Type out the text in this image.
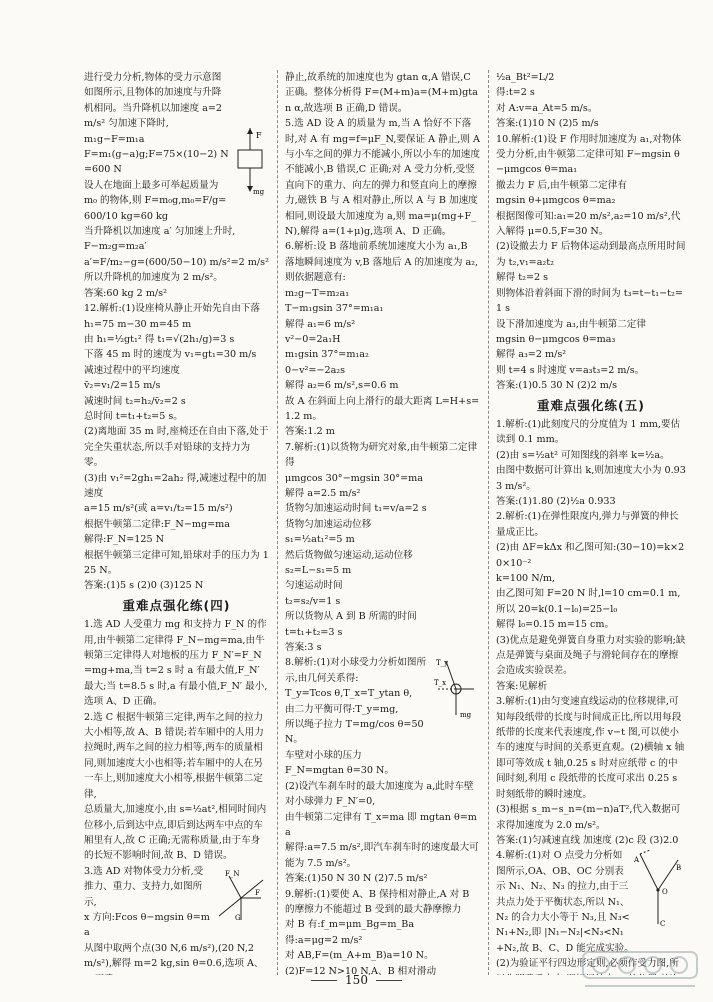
F
mg

进行受力分析,物体的受力示意图如图所示,且物体的加速度与升降机相同。当升降机以加速度 a=2 m/s² 匀加速下降时,

m₁g−F=m₁a

F=m₁(g−a)g;F=75×(10−2) N=600 N

设人在地面上最多可举起质量为 m₀ 的物体,则 F=m₀g,m₀=F/g=600/10 kg=60 kg

当升降机以加速度 a′ 匀加速上升时,

F−m₂g=m₂a′

a′=F/m₂−g=(600/50−10) m/s²=2 m/s²

所以升降机的加速度为 2 m/s²。

答案:60 kg 2 m/s²

12.解析:(1)设座椅从静止开始先自由下落 h₁=75 m−30 m=45 m

由 h₁=½gt₁² 得 t₁=√(2h₁/g)=3 s

下落 45 m 时的速度为 v₁=gt₁=30 m/s

减速过程中的平均速度

v̄₂=v₁/2=15 m/s

减速时间 t₂=h₂/v̄₂=2 s

总时间 t=t₁+t₂=5 s。

(2)离地面 35 m 时,座椅还在自由下落,处于完全失重状态,所以手对铅球的支持力为零。

(3)由 v₁²=2gh₁=2ah₂ 得,减速过程中的加速度

a=15 m/s²(或 a=v₁/t₂=15 m/s²)

根据牛顿第二定律:F_N−mg=ma

解得:F_N=125 N

根据牛顿第三定律可知,铅球对手的压力为 125 N。

答案:(1)5 s (2)0 (3)125 N

重难点强化练(四)

1.选 AD 人受重力 mg 和支持力 F_N 的作用,由牛顿第二定律得 F_N−mg=ma,由牛顿第三定律得人对地板的压力 F_N′=F_N=mg+ma,当 t=2 s 时 a 有最大值,F_N′ 最大;当 t=8.5 s 时,a 有最小值,F_N′ 最小,选项 A、D 正确。

2.选 C 根据牛顿第三定律,两车之间的拉力大小相等,故 A、B 错误;若车厢中的人用力拉绳时,两车之间的拉力相等,两车的质量相同,则加速度大小也相等;若车厢中的人在另一车上,则加速度大小相等,根据牛顿第二定律,

总质量大,加速度小,由 s=½at²,相同时间内位移小,后到达中点,即后到达两车中点的车厢里有人,故 C 正确;无需称质量,由于车身的长短不影响时间,故 B、D 错误。

F_N
F
G

3.选 AD 对物体受力分析,受推力、重力、支持力,如图所示,

x 方向:Fcos θ−mgsin θ=ma

从图中取两个点(30 N,6 m/s²),(20 N,2 m/s²),解得 m=2 kg,sin θ=0.6,选项 A、

静止,故系统的加速度也为 gtan α,A 错误,C 正确。整体分析得 F=(M+m)a=(M+m)gtan α,故选项 B 正确,D 错误。

5.选 AD 设 A 的质量为 m,当 A 恰好不下落时,对 A 有 mg=f=μF_N,要保证 A 静止,则 A 与小车之间的弹力不能减小,所以小车的加速度不能减小,B 错误,C 正确;对 A 受力分析,受竖直向下的重力、向左的弹力和竖直向上的摩擦力,磁铁 B 与 A 相对静止,所以 A 与 B 加速度相同,则设最大加速度为 a,则 ma=μ(mg+F_N),解得 a=(1+μ)g,选项 A、D 正确。

6.解析:设 B 落地前系统加速度大小为 a₁,B 落地瞬间速度为 v,B 落地后 A 的加速度为 a₂,则依据题意有:

m₂g−T=m₂a₁

T−m₁gsin 37°=m₁a₁

解得 a₁=6 m/s²

v²−0=2a₁H

m₁gsin 37°=m₁a₂

0−v²=−2a₂s

解得 a₂=6 m/s²,s=0.6 m

故 A 在斜面上向上滑行的最大距离 L=H+s=1.2 m。

答案:1.2 m

7.解析:(1)以货物为研究对象,由牛顿第二定律得

μmgcos 30°−mgsin 30°=ma

解得 a=2.5 m/s²

货物匀加速运动时间 t₁=v/a=2 s

货物匀加速运动位移

s₁=½at₁²=5 m

然后货物做匀速运动,运动位移

s₂=L−s₁=5 m

匀速运动时间

t₂=s₂/v=1 s

所以货物从 A 到 B 所需的时间

t=t₁+t₂=3 s

答案:3 s

T_y
T_x
mg

8.解析:(1)对小球受力分析如图所示,由几何关系得:

T_y=Tcos θ,T_x=T_ytan θ,

由二力平衡可得:T_y=mg,

所以绳子拉力 T=mg/cos θ=50 N。

车壁对小球的压力

F_N=mgtan θ=30 N。

(2)设汽车刹车时的最大加速度为 a,此时车壁对小球弹力 F_N′=0,

由牛顿第二定律有 T_x=ma 即 mgtan θ=ma

解得:a=7.5 m/s²,即汽车刹车时的速度最大可能为 7.5 m/s²。

答案:(1)50 N 30 N (2)7.5 m/s²

9.解析:(1)要使 A、B 保持相对静止,A 对 B 的摩擦力不能超过 B 受到的最大静摩擦力

对 B 有:f_m=μm_Bg=m_Ba

得:a=μg=2 m/s²

对 AB,F=(m_A+m_B)a=10 N。

(2)F=12 N>10 N,A、B 相对滑动

½a_Bt²=L/2

得:t=2 s

对 A:v=a_At=5 m/s。

答案:(1)10 N (2)5 m/s

10.解析:(1)设 F 作用时加速度为 a₁,对物体受力分析,由牛顿第二定律可知 F−mgsin θ−μmgcos θ=ma₁

撤去力 F 后,由牛顿第二定律有

mgsin θ+μmgcos θ=ma₂

根据图像可知:a₁=20 m/s²,a₂=10 m/s²,代入解得 μ=0.5,F=30 N。

(2)设撤去力 F 后物体运动到最高点所用时间为 t₂,v₁=a₂t₂

解得 t₂=2 s

则物体沿着斜面下滑的时间为 t₃=t−t₁−t₂=1 s

设下滑加速度为 a₃,由牛顿第二定律

mgsin θ−μmgcos θ=ma₃

解得 a₃=2 m/s²

则 t=4 s 时速度 v=a₃t₃=2 m/s。

答案:(1)0.5 30 N (2)2 m/s

重难点强化练(五)

1.解析:(1)此刻度尺的分度值为 1 mm,要估读到 0.1 mm。

(2)由 s=½at² 可知图线的斜率 k=½a。

由图中数据可计算出 k,则加速度大小为 0.933 m/s²。

答案:(1)1.80 (2)½a 0.933

2.解析:(1)在弹性限度内,弹力与弹簧的伸长量成正比。

(2)由 ΔF=kΔx 和乙图可知:(30−10)=k×20×10⁻²

k=100 N/m,

由乙图可知 F=20 N 时,l=10 cm=0.1 m,所以 20=k(0.1−l₀)=25−l₀

解得 l₀=0.15 m=15 cm。

(3)优点是避免弹簧自身重力对实验的影响;缺点是弹簧与桌面及绳子与滑轮间存在的摩擦会造成实验误差。

答案:见解析

3.解析:(1)由匀变速直线运动的位移规律,可知每段纸带的长度与时间成正比,所以用每段纸带的长度来代表速度,作 v−t 图,可以使小车的速度与时间的关系更直观。(2)横轴 x 轴即可等效成 t 轴,0.25 s 时对应纸带 c 的中间时刻,利用 c 段纸带的长度可求出 0.25 s 时刻纸带的瞬时速度。

(3)根据 s_m−s_n=(m−n)aT²,代入数据可求得加速度为 2.0 m/s²。

答案:(1)匀减速直线 加速度 (2)c 段 (3)2.0

A
B
O
C

4.解析:(1)对 O 点受力分析如图所示,OA、OB、OC 分别表示 N₁、N₂、N₃ 的拉力,由于三共点力处于平衡状态,所以 N₁、N₂ 的合力大小等于 N₃,且 N₃<N₁+N₂,即 |N₁−N₂|<N₃<N₁+N₂,故 B、C、D 能完成实验。

(2)为验证平行四边形定则,必须作受力图,所

150
